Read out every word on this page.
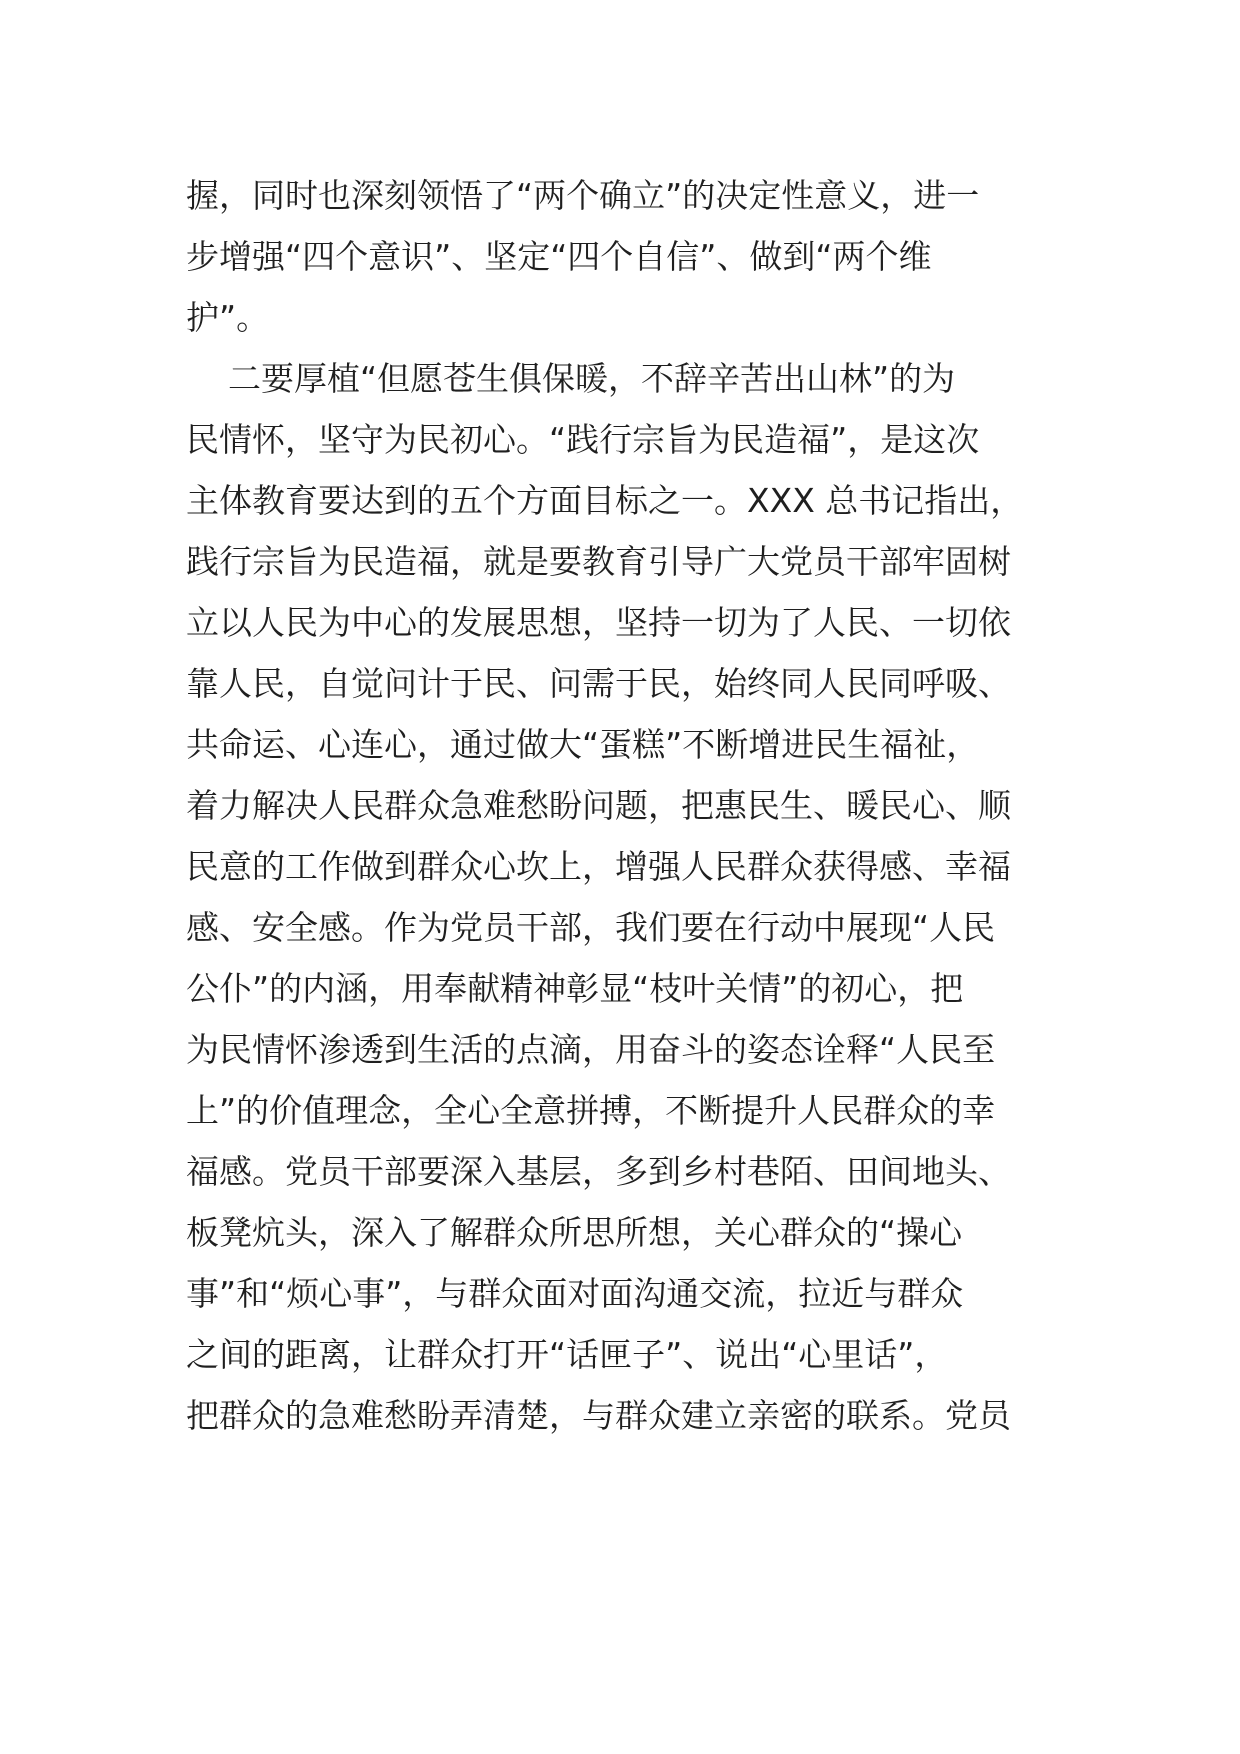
握，同时也深刻领悟了“两个确立”的决定性意义，进一
步增强“四个意识”、坚定“四个自信”、做到“两个维
护”。
二要厚植“但愿苍生俱保暖，不辞辛苦出山林”的为
民情怀，坚守为民初心。“践行宗旨为民造福”，是这次
主体教育要达到的五个方面目标之一。XXX 总书记指出，
践行宗旨为民造福，就是要教育引导广大党员干部牢固树
立以人民为中心的发展思想，坚持一切为了人民、一切依
靠人民，自觉问计于民、问需于民，始终同人民同呼吸、
共命运、心连心，通过做大“蛋糕”不断增进民生福祉，
着力解决人民群众急难愁盼问题，把惠民生、暖民心、顺
民意的工作做到群众心坎上，增强人民群众获得感、幸福
感、安全感。作为党员干部，我们要在行动中展现“人民
公仆”的内涵，用奉献精神彰显“枝叶关情”的初心，把
为民情怀渗透到生活的点滴，用奋斗的姿态诠释“人民至
上”的价值理念，全心全意拼搏，不断提升人民群众的幸
福感。党员干部要深入基层，多到乡村巷陌、田间地头、
板凳炕头，深入了解群众所思所想，关心群众的“操心
事”和“烦心事”，与群众面对面沟通交流，拉近与群众
之间的距离，让群众打开“话匣子”、说出“心里话”，
把群众的急难愁盼弄清楚，与群众建立亲密的联系。党员
